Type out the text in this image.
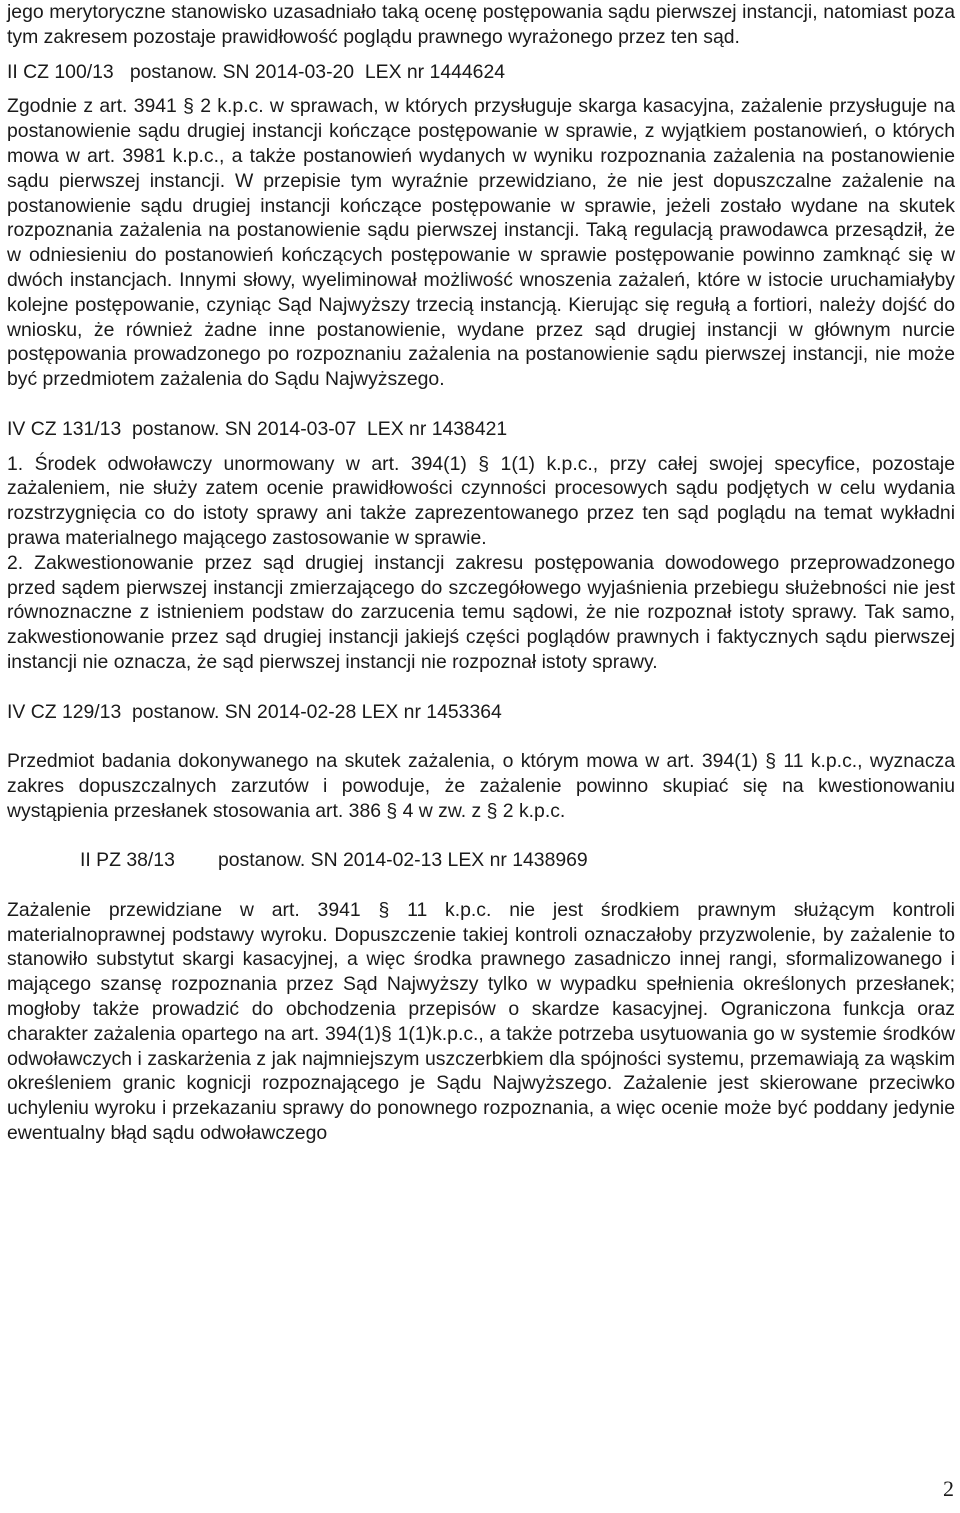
jego merytoryczne stanowisko uzasadniało taką ocenę postępowania sądu pierwszej instancji, natomiast poza tym zakresem pozostaje prawidłowość poglądu prawnego wyrażonego przez ten sąd.

II CZ 100/13   postanow. SN 2014-03-20  LEX nr 1444624

Zgodnie z art. 3941 § 2 k.p.c. w sprawach, w których przysługuje skarga kasacyjna, zażalenie przysługuje na postanowienie sądu drugiej instancji kończące postępowanie w sprawie, z wyjątkiem postanowień, o których mowa w art. 3981 k.p.c., a także postanowień wydanych w wyniku rozpoznania zażalenia na postanowienie sądu pierwszej instancji. W przepisie tym wyraźnie przewidziano, że nie jest dopuszczalne zażalenie na postanowienie sądu drugiej instancji kończące postępowanie w sprawie, jeżeli zostało wydane na skutek rozpoznania zażalenia na postanowienie sądu pierwszej instancji. Taką regulacją prawodawca przesądził, że w odniesieniu do postanowień kończących postępowanie w sprawie postępowanie powinno zamknąć się w dwóch instancjach. Innymi słowy, wyeliminował możliwość wnoszenia zażaleń, które w istocie uruchamiałyby kolejne postępowanie, czyniąc Sąd Najwyższy trzecią instancją. Kierując się regułą a fortiori, należy dojść do wniosku, że również żadne inne postanowienie, wydane przez sąd drugiej instancji w głównym nurcie postępowania prowadzonego po rozpoznaniu zażalenia na postanowienie sądu pierwszej instancji, nie może być przedmiotem zażalenia do Sądu Najwyższego.

IV CZ 131/13  postanow. SN 2014-03-07  LEX nr 1438421

1. Środek odwoławczy unormowany w art. 394(1) § 1(1) k.p.c., przy całej swojej specyfice, pozostaje zażaleniem, nie służy zatem ocenie prawidłowości czynności procesowych sądu podjętych w celu wydania rozstrzygnięcia co do istoty sprawy ani także zaprezentowanego przez ten sąd poglądu na temat wykładni prawa materialnego mającego zastosowanie w sprawie.

2. Zakwestionowanie przez sąd drugiej instancji zakresu postępowania dowodowego przeprowadzonego przed sądem pierwszej instancji zmierzającego do szczegółowego wyjaśnienia przebiegu służebności nie jest równoznaczne z istnieniem podstaw do zarzucenia temu sądowi, że nie rozpoznał istoty sprawy. Tak samo, zakwestionowanie przez sąd drugiej instancji jakiejś części poglądów prawnych i faktycznych sądu pierwszej instancji nie oznacza, że sąd pierwszej instancji nie rozpoznał istoty sprawy.

IV CZ 129/13  postanow. SN 2014-02-28 LEX nr 1453364

Przedmiot badania dokonywanego na skutek zażalenia, o którym mowa w art. 394(1) § 11 k.p.c., wyznacza zakres dopuszczalnych zarzutów i powoduje, że zażalenie powinno skupiać się na kwestionowaniu wystąpienia przesłanek stosowania art. 386 § 4 w zw. z § 2 k.p.c.

II PZ 38/13        postanow. SN 2014-02-13 LEX nr 1438969

Zażalenie przewidziane w art. 3941 § 11 k.p.c. nie jest środkiem prawnym służącym kontroli materialnoprawnej podstawy wyroku. Dopuszczenie takiej kontroli oznaczałoby przyzwolenie, by zażalenie to stanowiło substytut skargi kasacyjnej, a więc środka prawnego zasadniczo innej rangi, sformalizowanego i mającego szansę rozpoznania przez Sąd Najwyższy tylko w wypadku spełnienia określonych przesłanek; mogłoby także prowadzić do obchodzenia przepisów o skardze kasacyjnej. Ograniczona funkcja oraz charakter zażalenia opartego na art. 394(1)§ 1(1)k.p.c., a także potrzeba usytuowania go w systemie środków odwoławczych i zaskarżenia z jak najmniejszym uszczerbkiem dla spójności systemu, przemawiają za wąskim określeniem granic kognicji rozpoznającego je Sądu Najwyższego. Zażalenie jest skierowane przeciwko uchyleniu wyroku i przekazaniu sprawy do ponownego rozpoznania, a więc ocenie może być poddany jedynie ewentualny błąd sądu odwoławczego

2
